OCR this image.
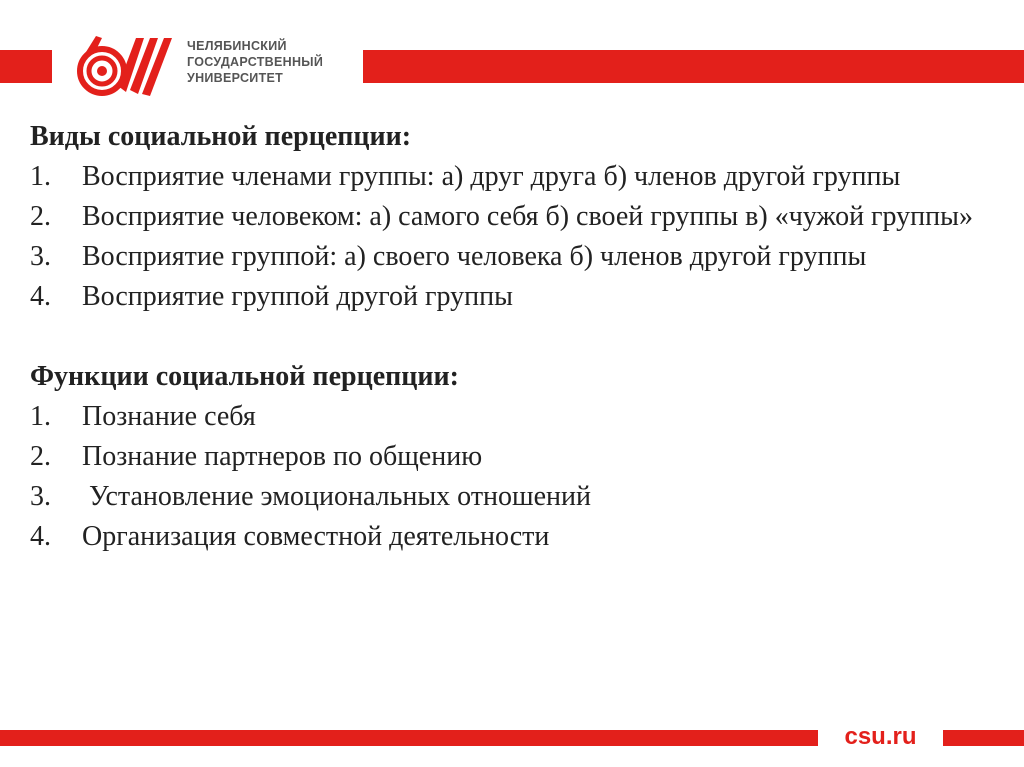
ЧЕЛЯБИНСКИЙ
ГОСУДАРСТВЕННЫЙ
УНИВЕРСИТЕТ
Виды социальной перцепции:
1. Восприятие членами группы: а) друг друга б) членов другой группы
2. Восприятие человеком: а) самого себя б) своей группы в) «чужой группы»
3. Восприятие группой: а) своего человека б) членов другой группы
4. Восприятие группой другой группы
Функции социальной перцепции:
1. Познание себя
2. Познание партнеров по общению
3. Установление эмоциональных отношений
4. Организация совместной деятельности
csu.ru
